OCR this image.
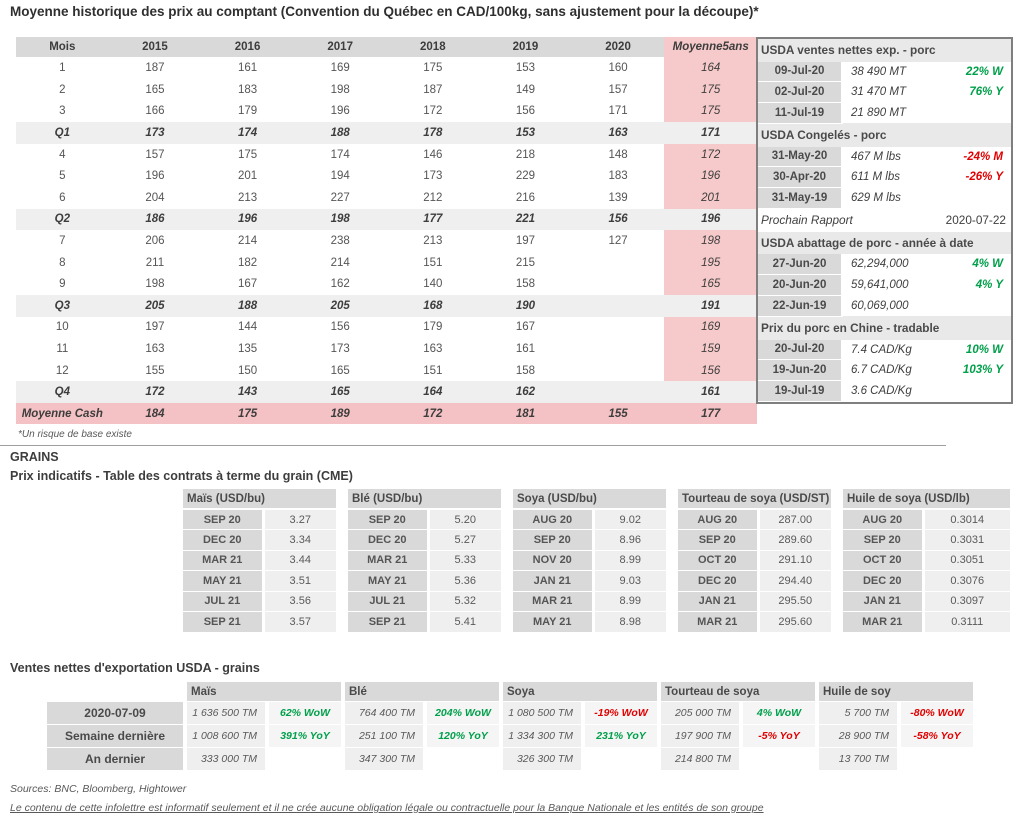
Moyenne historique des prix au comptant (Convention du Québec en CAD/100kg, sans ajustement pour la découpe)*
Mois	2015	2016	2017	2018	2019	2020	Moyenne5ans
1	187	161	169	175	153	160	164
2	165	183	198	187	149	157	175
3	166	179	196	172	156	171	175
Q1	173	174	188	178	153	163	171
4	157	175	174	146	218	148	172
5	196	201	194	173	229	183	196
6	204	213	227	212	216	139	201
Q2	186	196	198	177	221	156	196
7	206	214	238	213	197	127	198
8	211	182	214	151	215		195
9	198	167	162	140	158		165
Q3	205	188	205	168	190		191
10	197	144	156	179	167		169
11	163	135	173	163	161		159
12	155	150	165	151	158		156
Q4	172	143	165	164	162		161
Moyenne Cash	184	175	189	172	181	155	177
USDA ventes nettes exp. - porc		
09-Jul-20	38 490 MT	22% W
02-Jul-20	31 470 MT	76% Y
11-Jul-19	21 890 MT	
USDA Congelés - porc		
31-May-20	467 M lbs	-24% M
30-Apr-20	611 M lbs	-26% Y
31-May-19	629 M lbs	
Prochain Rapport		2020-07-22
USDA abattage de porc - année à date		
27-Jun-20	62,294,000	4% W
20-Jun-20	59,641,000	4% Y
22-Jun-19	60,069,000	
Prix du porc en Chine - tradable		
20-Jul-20	7.4 CAD/Kg	10% W
19-Jun-20	6.7 CAD/Kg	103% Y
19-Jul-19	3.6 CAD/Kg	
*Un risque de base existe
GRAINS
Prix indicatifs - Table des contrats à terme du grain (CME)
Maïs (USD/bu)	

SEP 20	3.27
DEC 20	3.34
MAR 21	3.44
MAY 21	3.51
JUL 21	3.56
SEP 21	3.57
Blé (USD/bu)	

SEP 20	5.20
DEC 20	5.27
MAR 21	5.33
MAY 21	5.36
JUL 21	5.32
SEP 21	5.41
Soya (USD/bu)	

AUG 20	9.02
SEP 20	8.96
NOV 20	8.99
JAN 21	9.03
MAR 21	8.99
MAY 21	8.98
Tourteau de soya (USD/ST)	

AUG 20	287.00
SEP 20	289.60
OCT 20	291.10
DEC 20	294.40
JAN 21	295.50
MAR 21	295.60
Huile de soya (USD/lb)	

AUG 20	0.3014
SEP 20	0.3031
OCT 20	0.3051
DEC 20	0.3076
JAN 21	0.3097
MAR 21	0.3111
Ventes nettes d'exportation USDA - grains
	Maïs		Blé		Soya		Tourteau de soya		Huile de soy	
2020-07-09	1 636 500 TM	62% WoW	764 400 TM	204% WoW	1 080 500 TM	-19% WoW	205 000 TM	4% WoW	5 700 TM	-80% WoW
Semaine dernière	1 008 600 TM	391% YoY	251 100 TM	120% YoY	1 334 300 TM	231% YoY	197 900 TM	-5% YoY	28 900 TM	-58% YoY
An dernier	333 000 TM		347 300 TM		326 300 TM		214 800 TM		13 700 TM	
Sources: BNC, Bloomberg, Hightower
Le contenu de cette infolettre est informatif seulement et il ne crée aucune obligation légale ou contractuelle pour la Banque Nationale et les entités de son groupe
